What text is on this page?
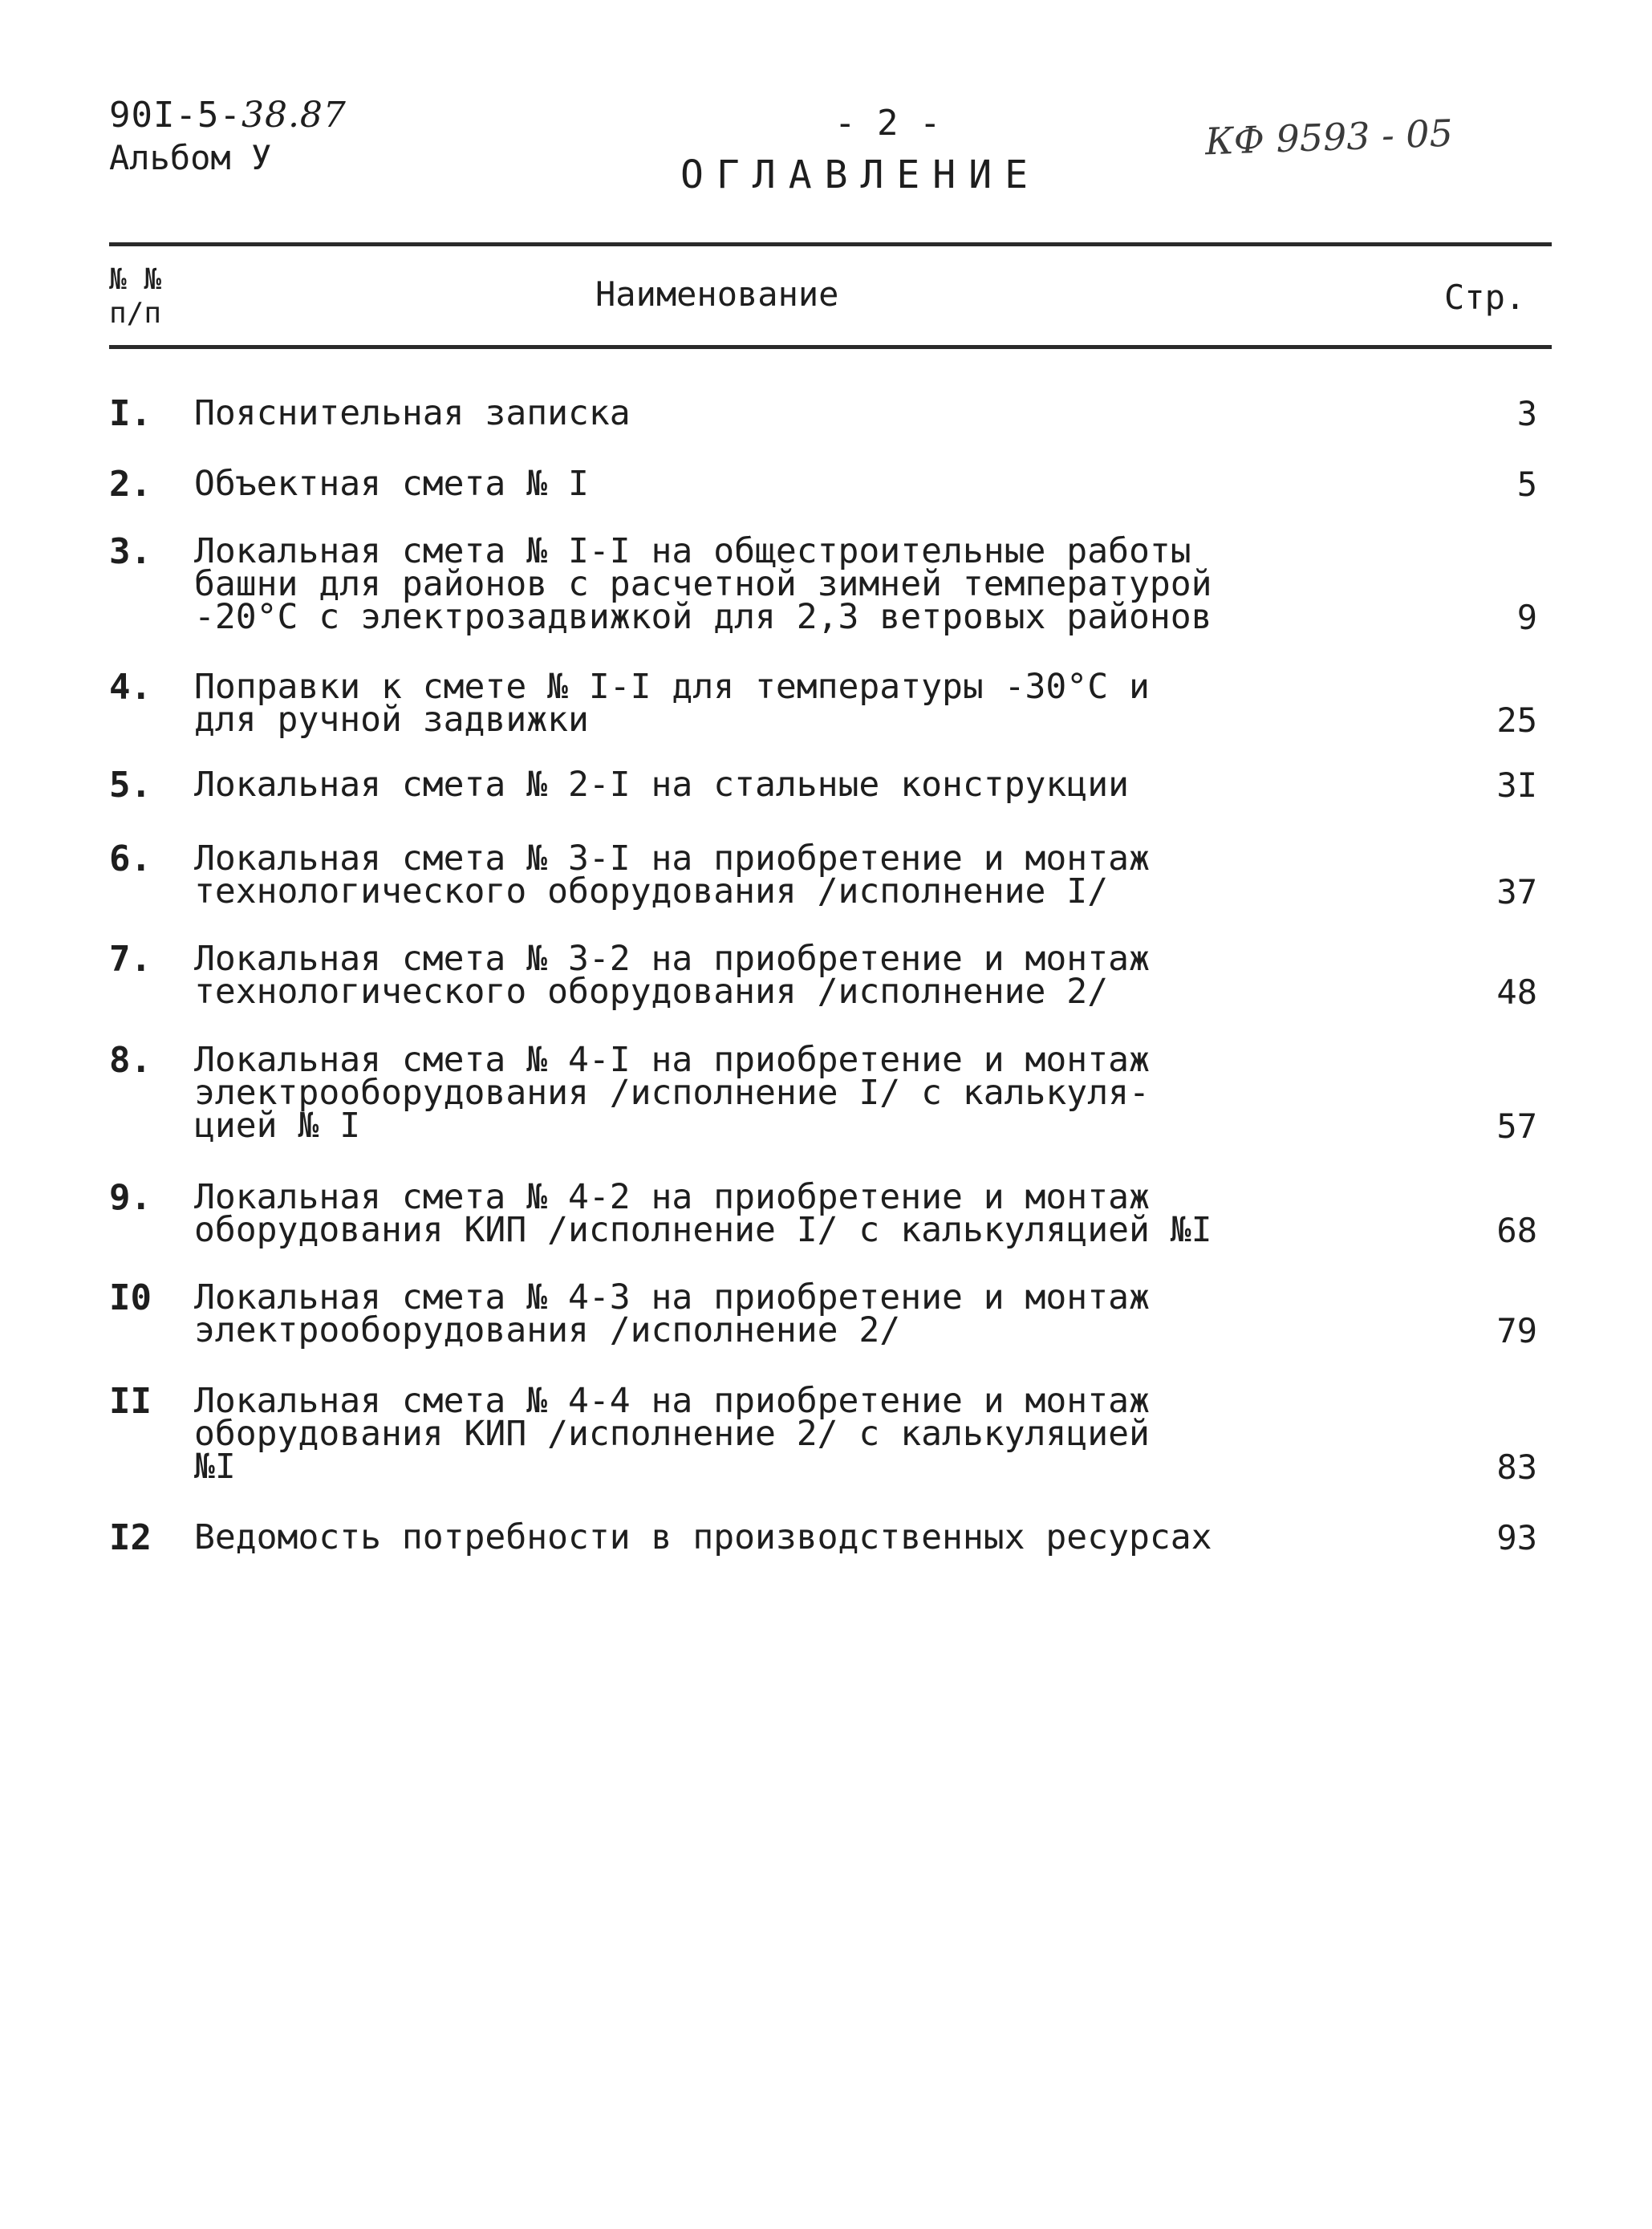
90I-5-38.87
Альбом У
- 2 -
ОГЛАВЛЕНИЕ
КФ 9593 - 05
№ №
п/п	Наименование	Стр.
I. Пояснительная записка	3
2. Объектная смета № I	5
3. Локальная смета № I-I на общестроительные работы
башни для районов с расчетной зимней температурой
-20°С с электрозадвижкой для 2,3 ветровых районов	9
4. Поправки к смете № I-I для температуры -30°С и
для ручной задвижки	25
5. Локальная смета № 2-I на стальные конструкции	3I
6. Локальная смета № 3-I на приобретение и монтаж
технологического оборудования /исполнение I/	37
7. Локальная смета № 3-2 на приобретение и монтаж
технологического оборудования /исполнение 2/	48
8. Локальная смета № 4-I на приобретение и монтаж
электрооборудования /исполнение I/ с калькуля-
цией № I	57
9. Локальная смета № 4-2 на приобретение и монтаж
оборудования КИП /исполнение I/ с калькуляцией №I	68
I0 Локальная смета № 4-3 на приобретение и монтаж
электрооборудования /исполнение 2/	79
II Локальная смета № 4-4 на приобретение и монтаж
оборудования КИП /исполнение 2/ с калькуляцией
№I	83
I2 Ведомость потребности в производственных ресурсах	93
